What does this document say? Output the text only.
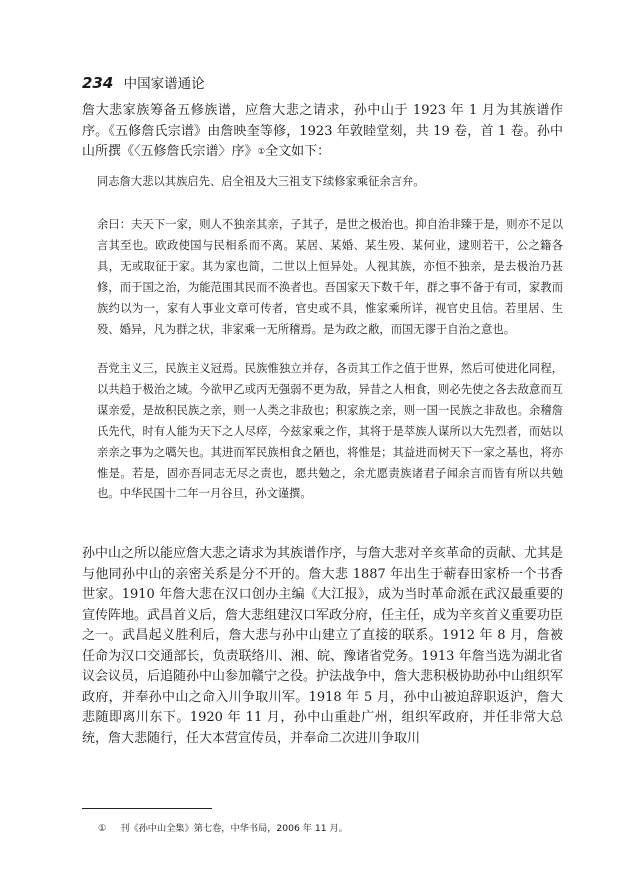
234 中国家谱通论

詹大悲家族筹备五修族谱，应詹大悲之请求，孙中山于 1923 年 1 月为其族谱作序。《五修詹氏宗谱》由詹映奎等修，1923 年敦睦堂刻，共 19 卷，首 1 卷。孙中山所撰《〈五修詹氏宗谱〉序》①全文如下：

同志詹大悲以其族启先、启全祖及大三祖支下续修家乘征余言弁。

余曰：夫天下一家，则人不独亲其亲，子其子，是世之极治也。抑自治非臻于是，则亦不足以言其至也。欧政使国与民相系而不离。某居、某婚、某生殁、某何业，逮则若干，公之籍各具，无或取征于家。其为家也简，二世以上恒异处。人视其族，亦恒不独亲，是去极治乃甚修，而于国之治，为能范围其民而不涣者也。吾国家天下数千年，群之事不备于有司，家教而族约以为一，家有人事业文章可传者，官史或不具，惟家乘所详，视官史且信。若里居、生殁、婚异，凡为群之状，非家乘一无所稽焉。是为政之敝，而国无谬于自治之意也。

吾党主义三，民族主义冠焉。民族惟独立并存，各贡其工作之值于世界，然后可使进化同程，以共趋于极治之域。今欲甲乙或丙无强弱不更为敌，异昔之人相食，则必先使之各去敌意而互谋亲爱，是故积民族之亲，则一人类之非敌也；积家族之亲，则一国一民族之非敌也。余稽詹氏先代，时有人能为天下之人尽瘁，今兹家乘之作，其将于是萃族人谋所以大先烈者，而姑以亲亲之事为之嚆矢也。其进而军民族相食之陋也，将惟是；其益进而树天下一家之基也，将亦惟是。若是，固亦吾同志无尽之责也，愿共勉之，余尤愿责族诸君子闻余言而皆有所以共勉也。中华民国十二年一月谷旦，孙文谨撰。

孙中山之所以能应詹大悲之请求为其族谱作序，与詹大悲对辛亥革命的贡献、尤其是与他同孙中山的亲密关系是分不开的。詹大悲 1887 年出生于蕲春田家桥一个书香世家。1910 年詹大悲在汉口创办主编《大江报》，成为当时革命派在武汉最重要的宣传阵地。武昌首义后，詹大悲组建汉口军政分府，任主任，成为辛亥首义重要功臣之一。武昌起义胜利后，詹大悲与孙中山建立了直接的联系。1912 年 8 月，詹被任命为汉口交通部长，负责联络川、湘、皖、豫诸省党务。1913 年詹当选为湖北省议会议员，后追随孙中山参加赣宁之役。护法战争中，詹大悲积极协助孙中山组织军政府，并奉孙中山之命入川争取川军。1918 年 5 月，孙中山被迫辞职返沪，詹大悲随即离川东下。1920 年 11 月，孙中山重赴广州，组织军政府，并任非常大总统，詹大悲随行，任大本营宣传员，并奉命二次进川争取川

① 刊《孙中山全集》第七卷，中华书局，2006 年 11 月。
